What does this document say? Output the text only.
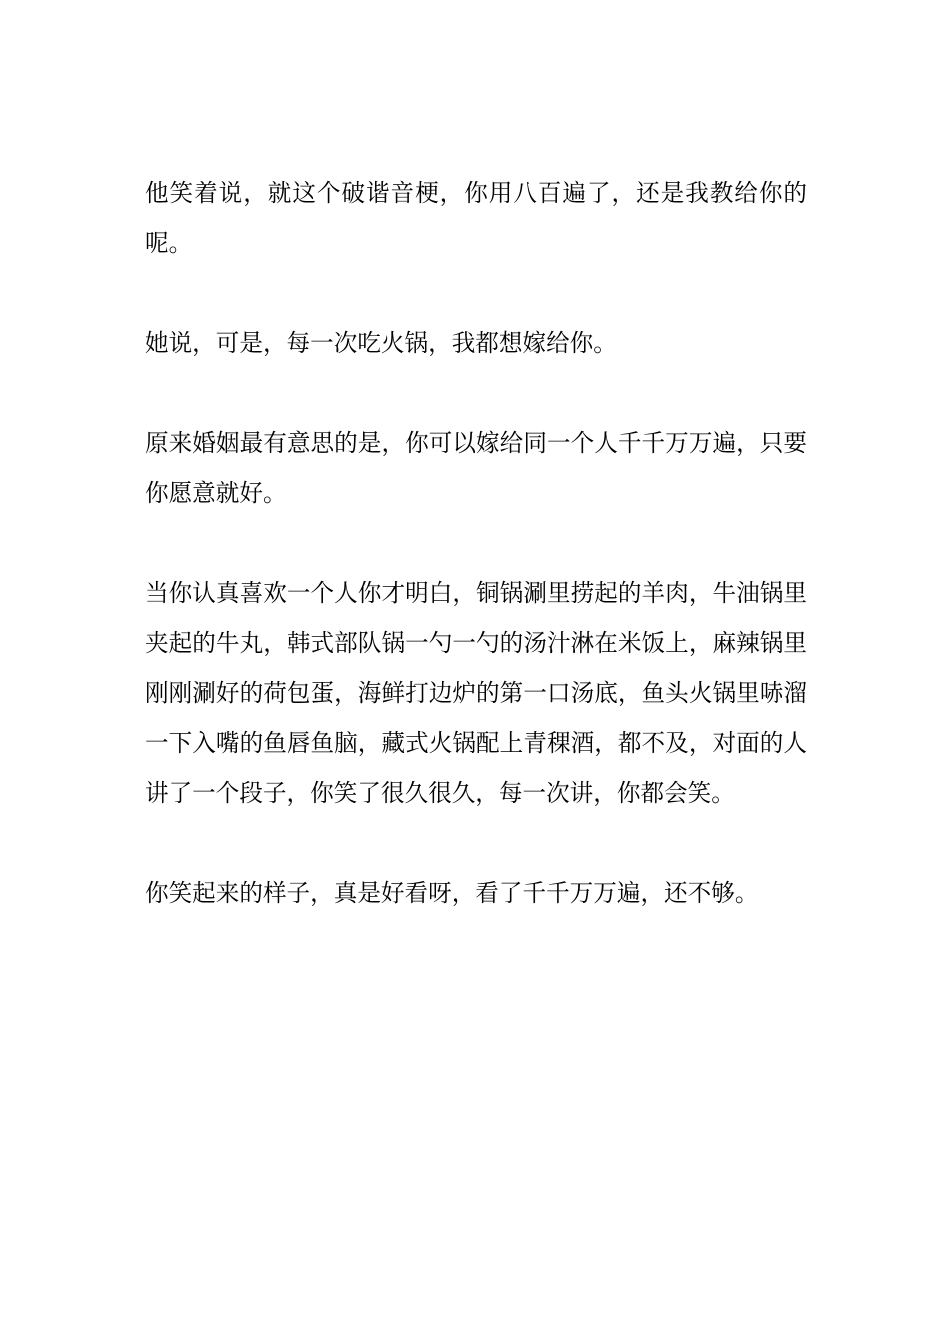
他笑着说，就这个破谐音梗，你用八百遍了，还是我教给你的呢。

她说，可是，每一次吃火锅，我都想嫁给你。

原来婚姻最有意思的是，你可以嫁给同一个人千千万万遍，只要你愿意就好。

当你认真喜欢一个人你才明白，铜锅涮里捞起的羊肉，牛油锅里夹起的牛丸，韩式部队锅一勺一勺的汤汁淋在米饭上，麻辣锅里刚刚涮好的荷包蛋，海鲜打边炉的第一口汤底，鱼头火锅里哧溜一下入嘴的鱼唇鱼脑，藏式火锅配上青稞酒，都不及，对面的人讲了一个段子，你笑了很久很久，每一次讲，你都会笑。

你笑起来的样子，真是好看呀，看了千千万万遍，还不够。
